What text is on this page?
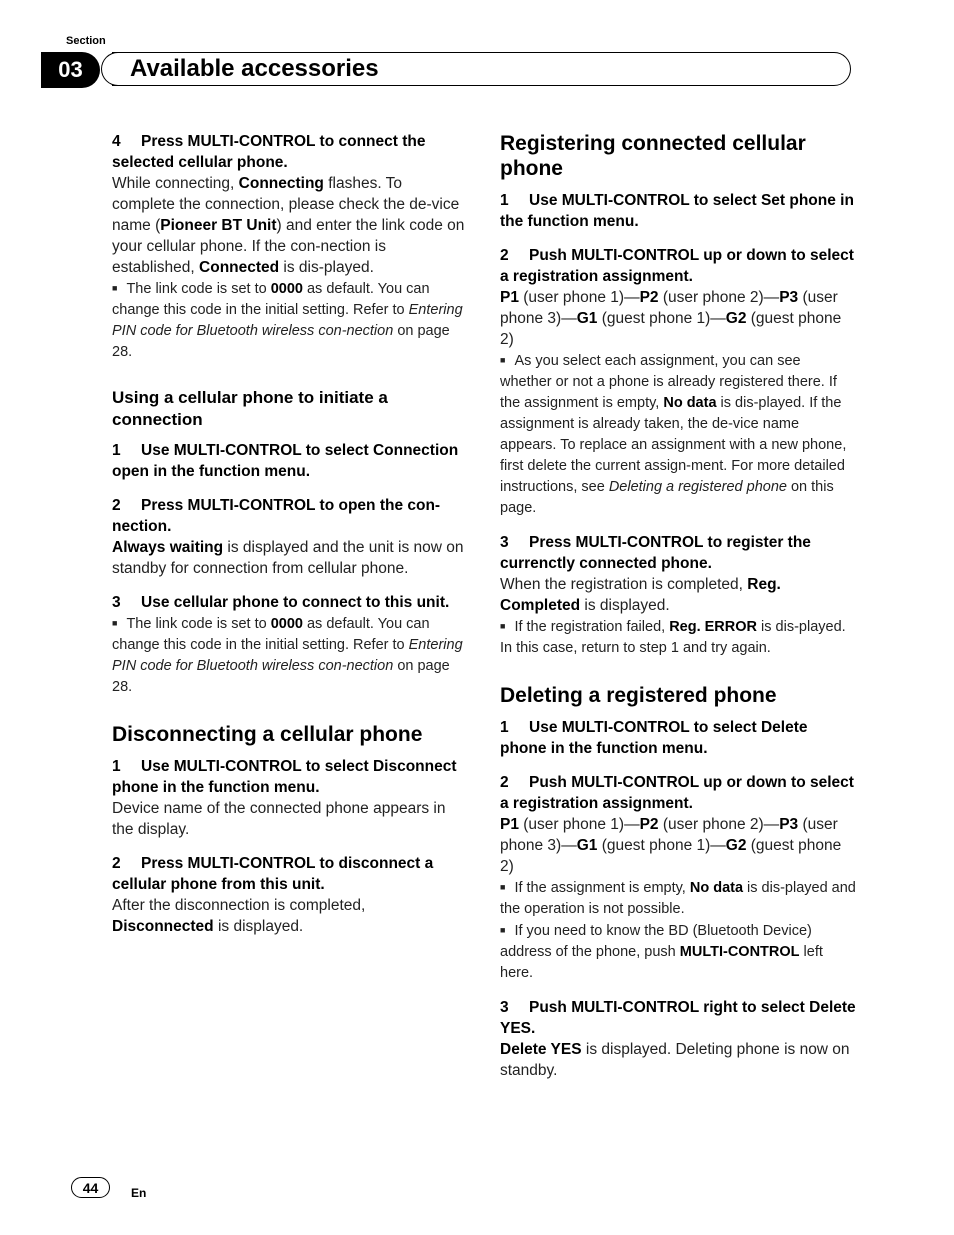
Section
03	Available accessories

4 Press MULTI-CONTROL to connect the selected cellular phone.

While connecting, Connecting flashes. To complete the connection, please check the de-vice name (Pioneer BT Unit) and enter the link code on your cellular phone. If the con-nection is established, Connected is dis-played.

■ The link code is set to 0000 as default. You can change this code in the initial setting. Refer to Entering PIN code for Bluetooth wireless con-nection on page 28.

Using a cellular phone to initiate a connection

1 Use MULTI-CONTROL to select Connection open in the function menu.

2 Press MULTI-CONTROL to open the con-nection.

Always waiting is displayed and the unit is now on standby for connection from cellular phone.

3 Use cellular phone to connect to this unit.

■ The link code is set to 0000 as default. You can change this code in the initial setting. Refer to Entering PIN code for Bluetooth wireless con-nection on page 28.

Disconnecting a cellular phone

1 Use MULTI-CONTROL to select Disconnect phone in the function menu.

Device name of the connected phone appears in the display.

2 Press MULTI-CONTROL to disconnect a cellular phone from this unit.

After the disconnection is completed, Disconnected is displayed.

Registering connected cellular phone

1 Use MULTI-CONTROL to select Set phone in the function menu.

2 Push MULTI-CONTROL up or down to select a registration assignment.

P1 (user phone 1)—P2 (user phone 2)—P3 (user phone 3)—G1 (guest phone 1)—G2 (guest phone 2)

■ As you select each assignment, you can see whether or not a phone is already registered there. If the assignment is empty, No data is dis-played. If the assignment is already taken, the de-vice name appears. To replace an assignment with a new phone, first delete the current assign-ment. For more detailed instructions, see Deleting a registered phone on this page.

3 Press MULTI-CONTROL to register the currenctly connected phone.

When the registration is completed, Reg. Completed is displayed.

■ If the registration failed, Reg. ERROR is dis-played. In this case, return to step 1 and try again.

Deleting a registered phone

1 Use MULTI-CONTROL to select Delete phone in the function menu.

2 Push MULTI-CONTROL up or down to select a registration assignment.

P1 (user phone 1)—P2 (user phone 2)—P3 (user phone 3)—G1 (guest phone 1)—G2 (guest phone 2)

■ If the assignment is empty, No data is dis-played and the operation is not possible.

■ If you need to know the BD (Bluetooth Device) address of the phone, push MULTI-CONTROL left here.

3 Push MULTI-CONTROL right to select Delete YES.

Delete YES is displayed. Deleting phone is now on standby.

44	En
